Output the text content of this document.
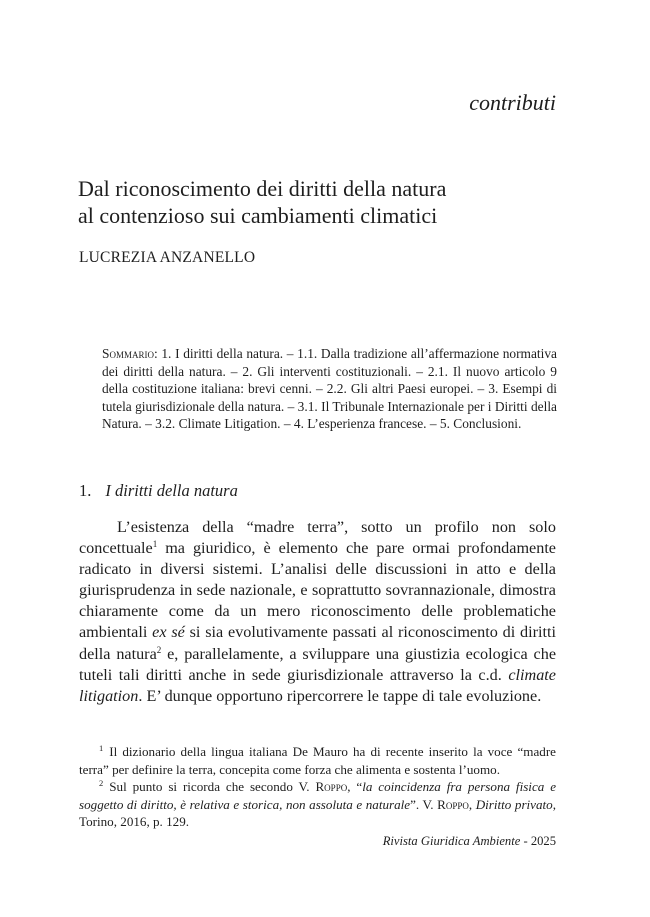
contributi
Dal riconoscimento dei diritti della natura
al contenzioso sui cambiamenti climatici
LUCREZIA ANZANELLO
Sommario: 1. I diritti della natura. – 1.1. Dalla tradizione all’affermazione normativa dei diritti della natura. – 2. Gli interventi costituzionali. – 2.1. Il nuovo articolo 9 della costituzione italiana: brevi cenni. – 2.2. Gli altri Paesi europei. – 3. Esempi di tutela giurisdizionale della natura. – 3.1. Il Tribunale Internazionale per i Diritti della Natura. – 3.2. Climate Litigation. – 4. L’esperienza francese. – 5. Conclusioni.
1. I diritti della natura
L’esistenza della “madre terra”, sotto un profilo non solo concettuale$^1$ ma giuridico, è elemento che pare ormai profondamente radicato in diversi sistemi. L’analisi delle discussioni in atto e della giurisprudenza in sede nazionale, e soprattutto sovrannazionale, dimostra chiaramente come da un mero riconoscimento delle problematiche ambientali ex sé si sia evolutivamente passati al riconoscimento di diritti della natura$^2$ e, parallelamente, a sviluppare una giustizia ecologica che tuteli tali diritti anche in sede giurisdizionale attraverso la c.d. climate litigation. E’ dunque opportuno ripercorrere le tappe di tale evoluzione.

$^1$ Il dizionario della lingua italiana De Mauro ha di recente inserito la voce “madre terra” per definire la terra, concepita come forza che alimenta e sostenta l’uomo.

$^2$ Sul punto si ricorda che secondo V. Roppo, “la coincidenza fra persona fisica e soggetto di diritto, è relativa e storica, non assoluta e naturale”. V. Roppo, Diritto privato, Torino, 2016, p. 129.

Rivista Giuridica Ambiente - 2025
